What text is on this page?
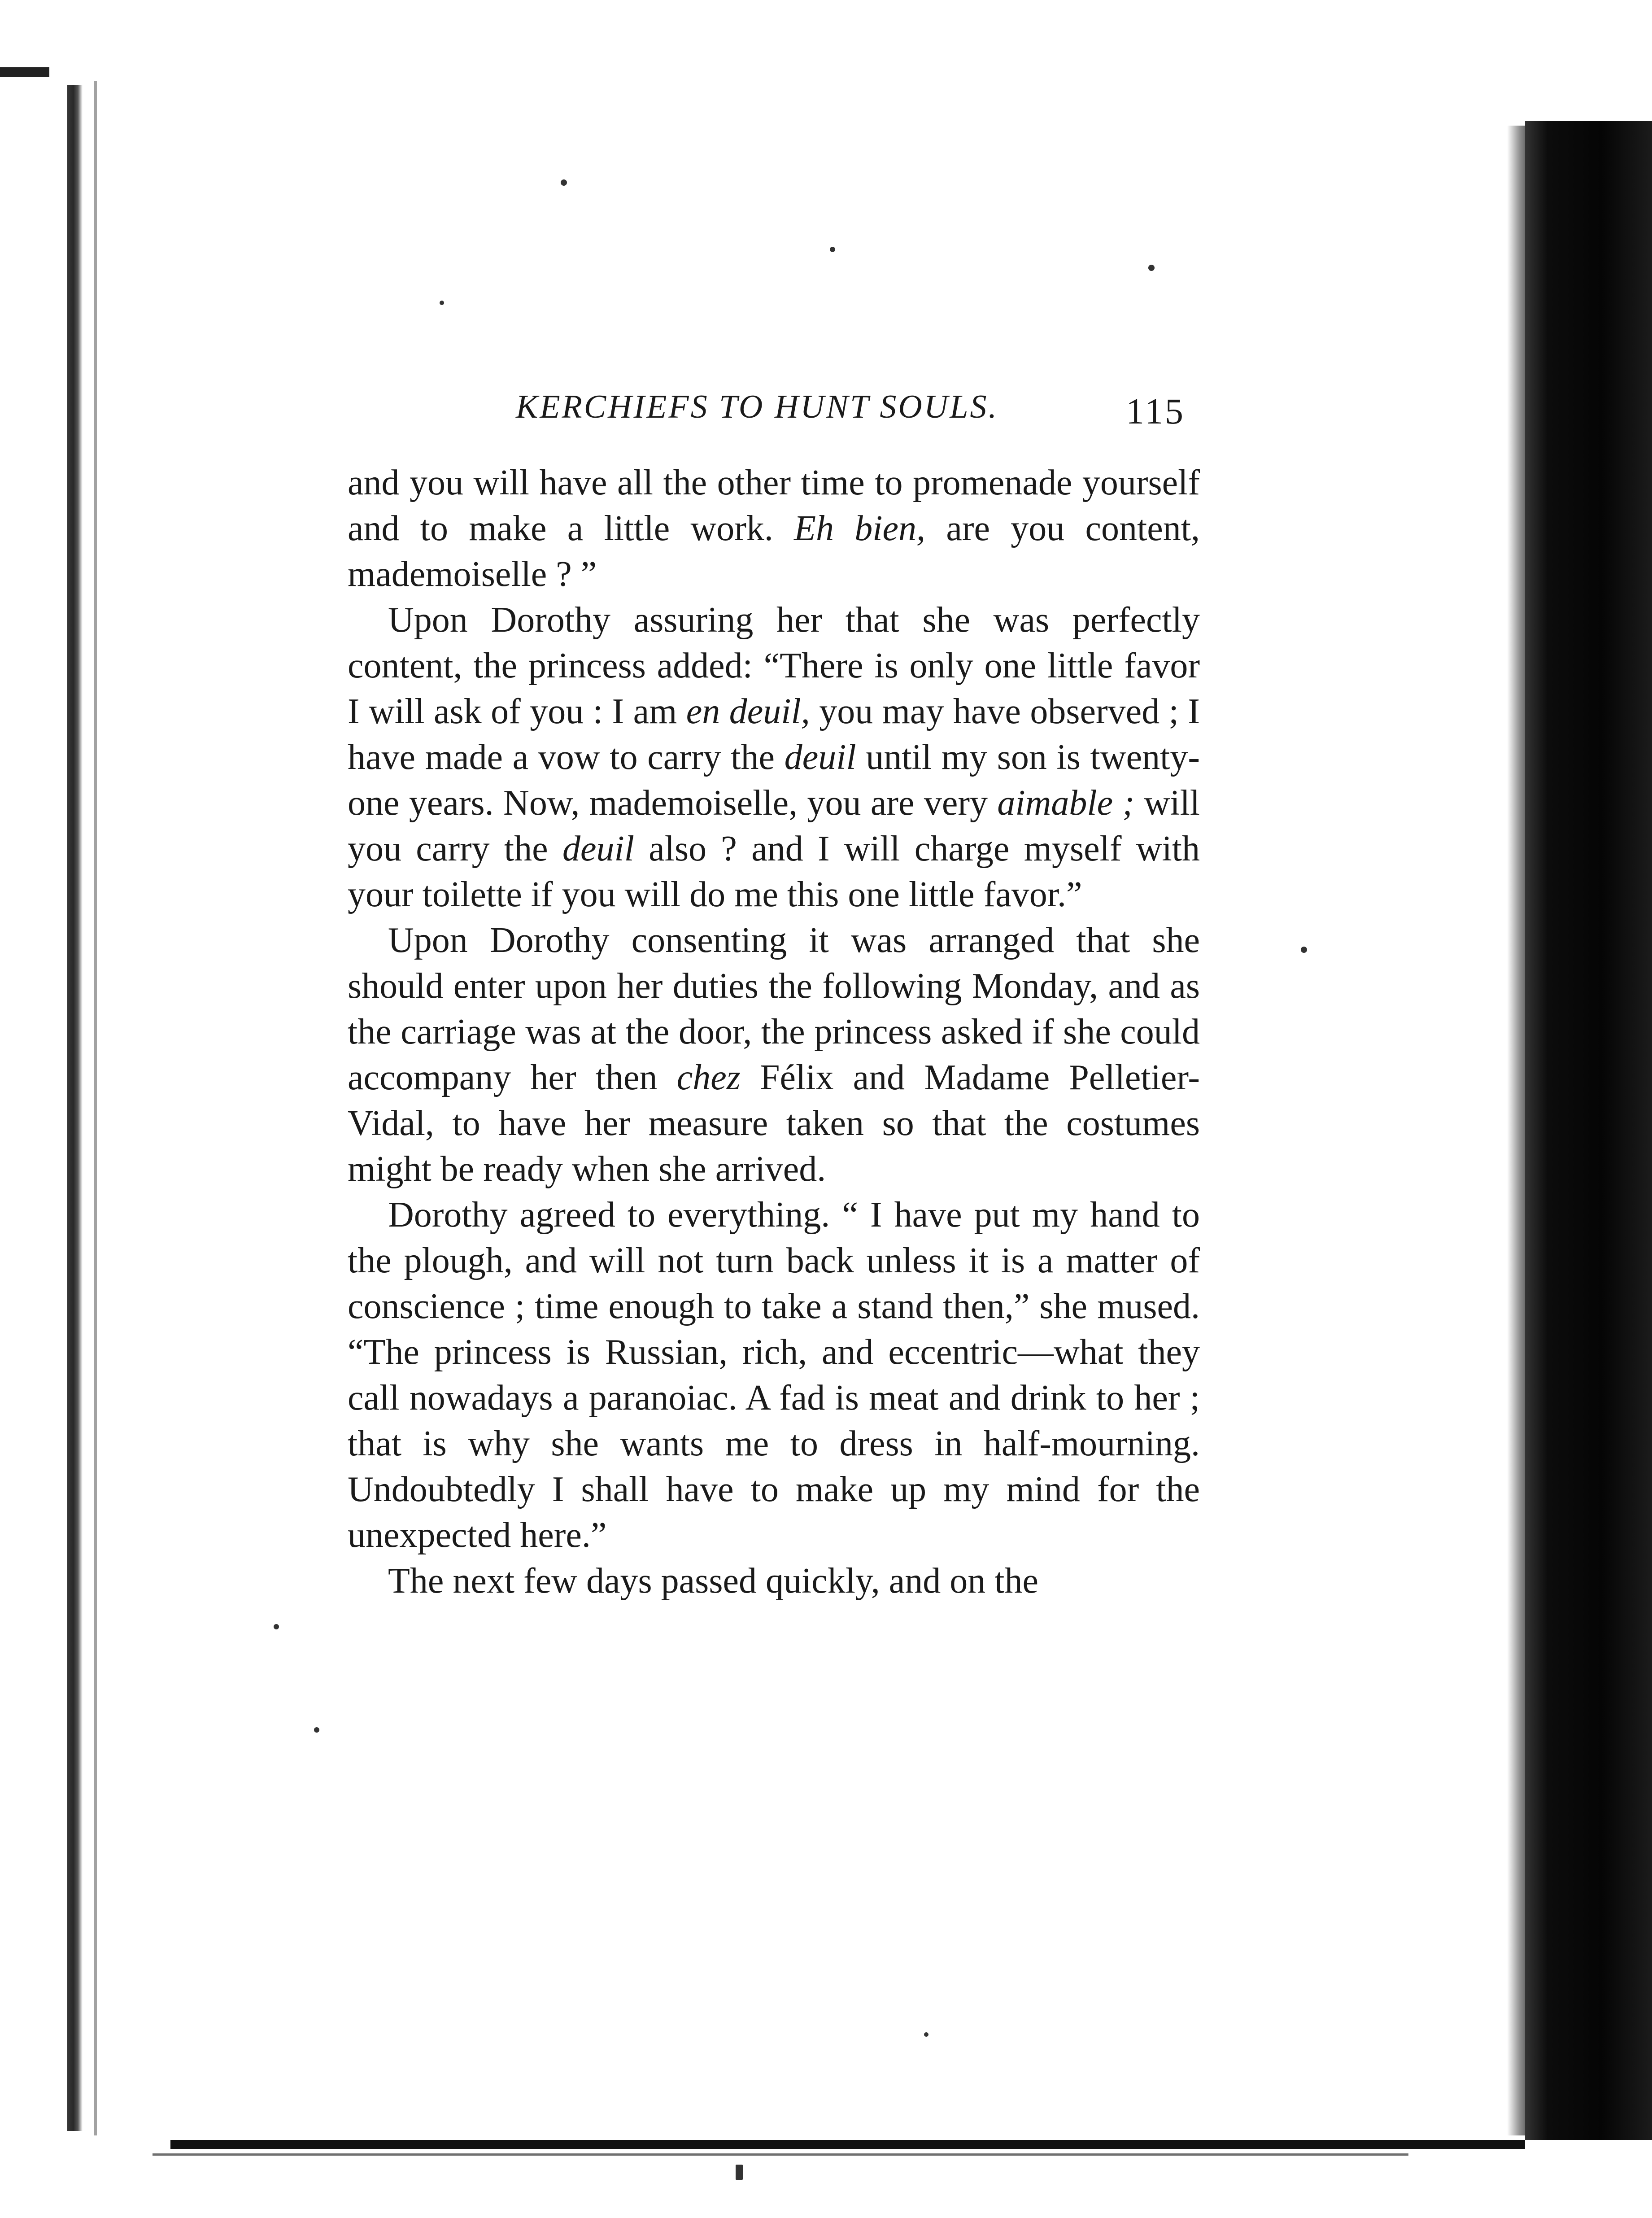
KERCHIEFS TO HUNT SOULS.	115

and you will have all the other time to promenade yourself and to make a little work. Eh bien, are you content, mademoiselle ? ”

Upon Dorothy assuring her that she was perfectly content, the princess added: “There is only one little favor I will ask of you : I am en deuil, you may have observed ; I have made a vow to carry the deuil until my son is twenty-one years. Now, mademoiselle, you are very aimable ; will you carry the deuil also ? and I will charge myself with your toilette if you will do me this one little favor.”

Upon Dorothy consenting it was arranged that she should enter upon her duties the following Monday, and as the carriage was at the door, the princess asked if she could accompany her then chez Félix and Madame Pelletier-Vidal, to have her measure taken so that the costumes might be ready when she arrived.

Dorothy agreed to everything. “ I have put my hand to the plough, and will not turn back unless it is a matter of conscience ; time enough to take a stand then,” she mused. “The princess is Russian, rich, and eccentric—what they call nowadays a paranoiac. A fad is meat and drink to her ; that is why she wants me to dress in half-mourning. Undoubtedly I shall have to make up my mind for the unexpected here.”

The next few days passed quickly, and on the
